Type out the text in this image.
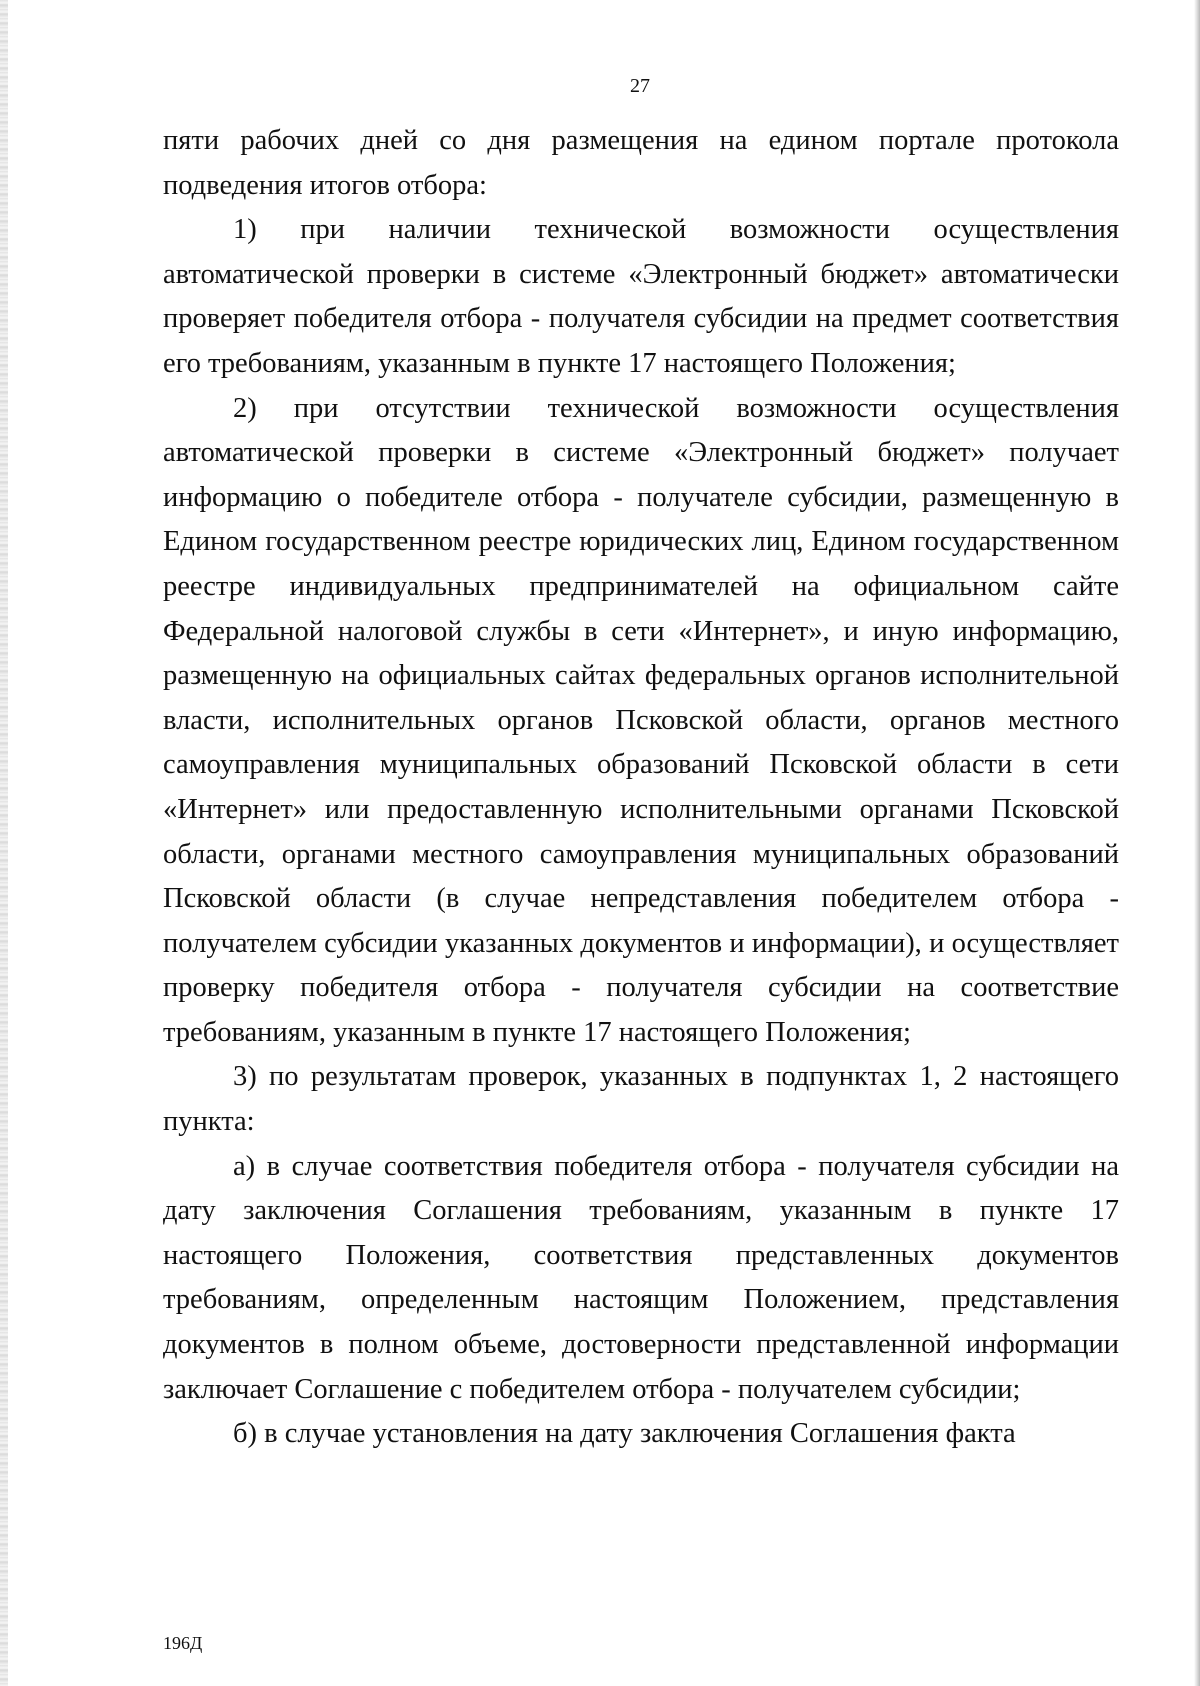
27

пяти рабочих дней со дня размещения на едином портале протокола подведения итогов отбора:

1) при наличии технической возможности осуществления автоматической проверки в системе «Электронный бюджет» автоматически проверяет победителя отбора - получателя субсидии на предмет соответствия его требованиям, указанным в пункте 17 настоящего Положения;

2) при отсутствии технической возможности осуществления автоматической проверки в системе «Электронный бюджет» получает информацию о победителе отбора - получателе субсидии, размещенную в Едином государственном реестре юридических лиц, Едином государственном реестре индивидуальных предпринимателей на официальном сайте Федеральной налоговой службы в сети «Интернет», и иную информацию, размещенную на официальных сайтах федеральных органов исполнительной власти, исполнительных органов Псковской области, органов местного самоуправления муниципальных образований Псковской области в сети «Интернет» или предоставленную исполнительными органами Псковской области, органами местного самоуправления муниципальных образований Псковской области (в случае непредставления победителем отбора - получателем субсидии указанных документов и информации), и осуществляет проверку победителя отбора - получателя субсидии на соответствие требованиям, указанным в пункте 17 настоящего Положения;

3) по результатам проверок, указанных в подпунктах 1, 2 настоящего пункта:

а) в случае соответствия победителя отбора - получателя субсидии на дату заключения Соглашения требованиям, указанным в пункте 17 настоящего Положения, соответствия представленных документов требованиям, определенным настоящим Положением, представления документов в полном объеме, достоверности представленной информации заключает Соглашение с победителем отбора - получателем субсидии;

б) в случае установления на дату заключения Соглашения факта

196Д
